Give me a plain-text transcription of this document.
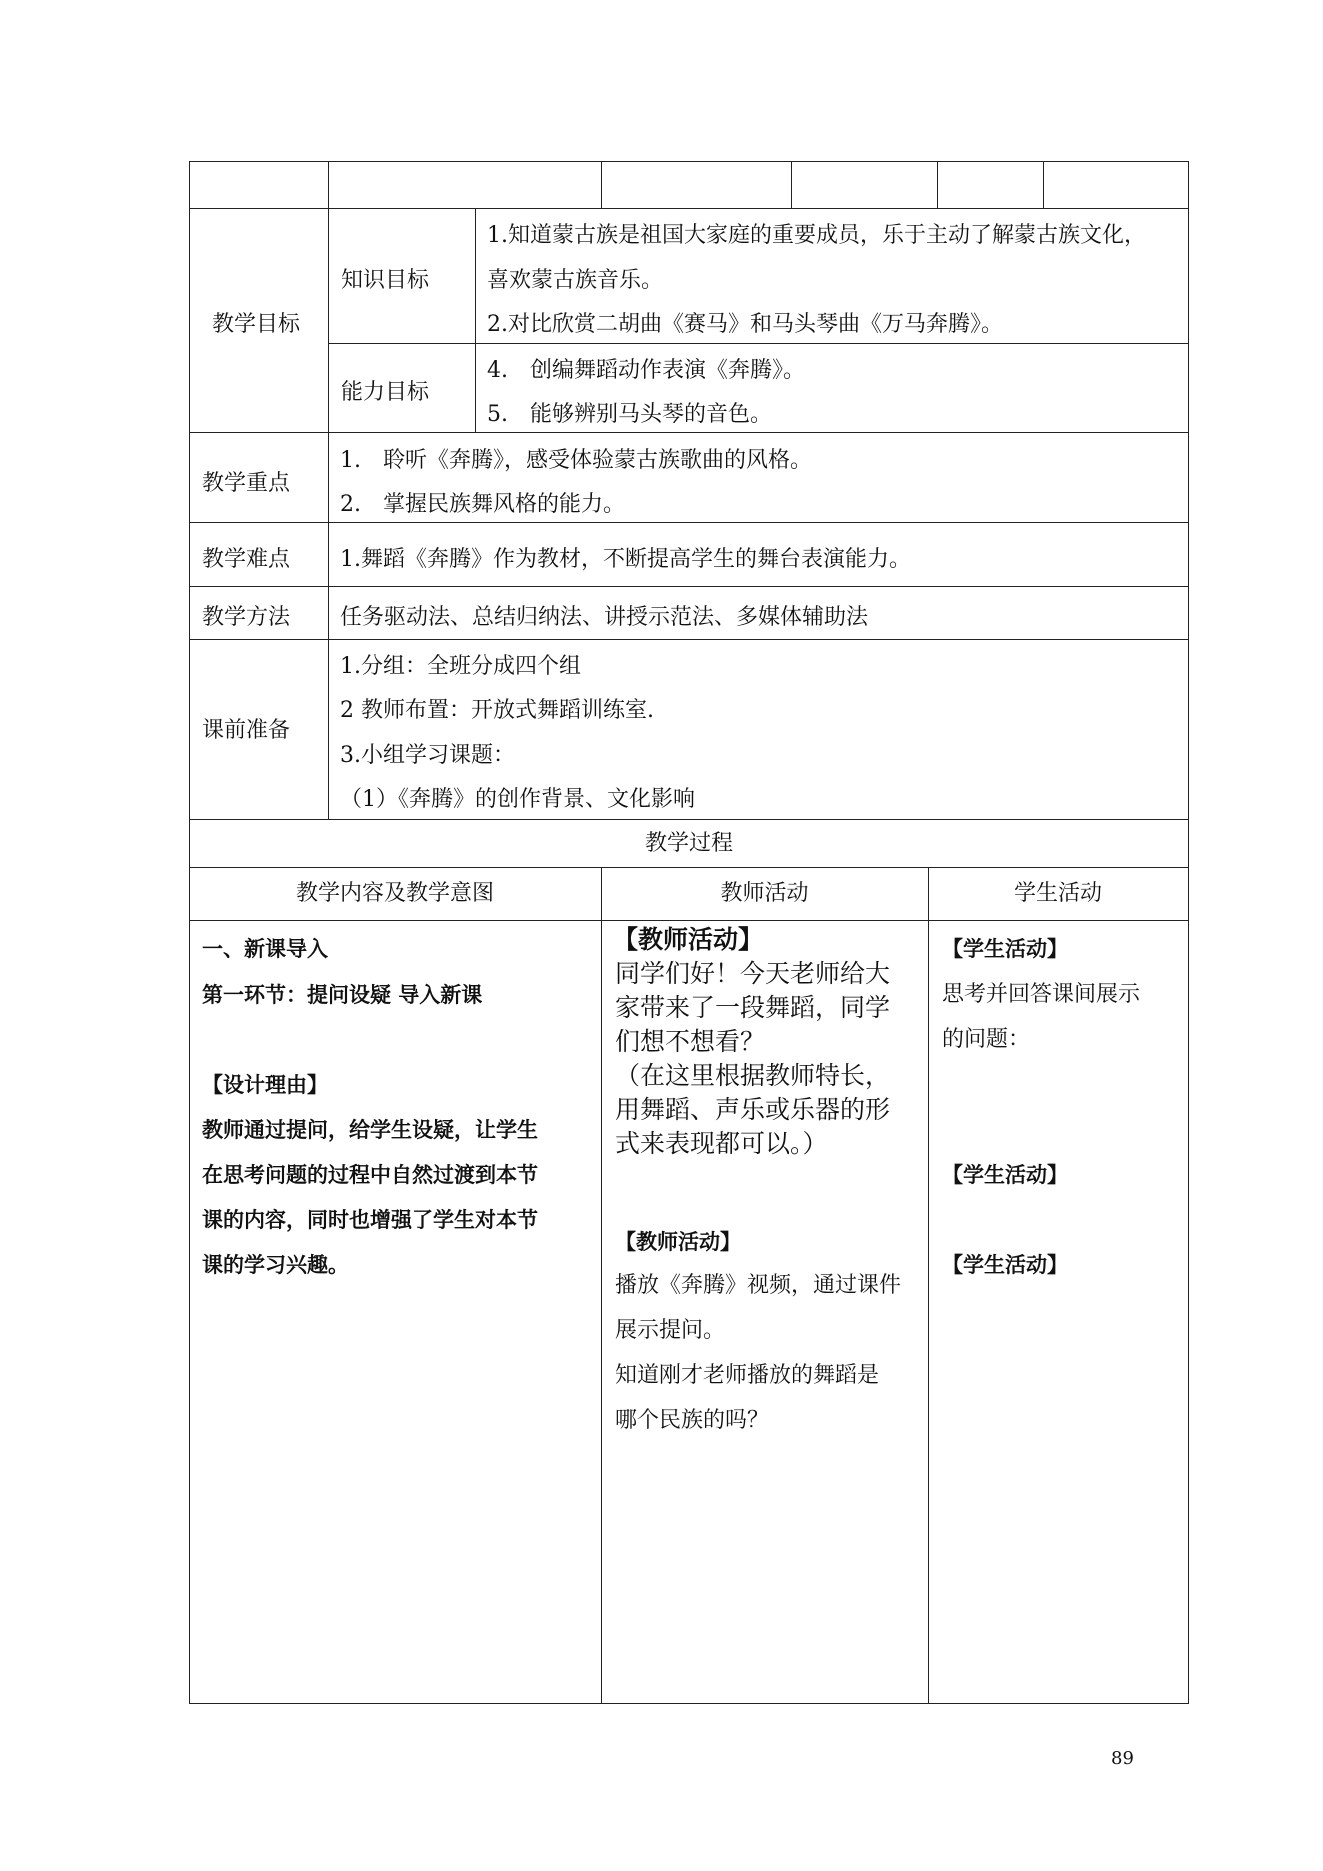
教学目标
知识目标
1.知道蒙古族是祖国大家庭的重要成员，乐于主动了解蒙古族文化，
喜欢蒙古族音乐。
2.对比欣赏二胡曲《赛马》和马头琴曲《万马奔腾》。
能力目标
4.　创编舞蹈动作表演《奔腾》。
5.　能够辨别马头琴的音色。
教学重点
1.　聆听《奔腾》，感受体验蒙古族歌曲的风格。
2.　掌握民族舞风格的能力。
教学难点 1.舞蹈《奔腾》作为教材，不断提高学生的舞台表演能力。
教学方法 任务驱动法、总结归纳法、讲授示范法、多媒体辅助法
课前准备
1.分组：全班分成四个组
2 教师布置：开放式舞蹈训练室.
3.小组学习课题：
（1）《奔腾》的创作背景、文化影响
教学过程
教学内容及教学意图	教师活动	学生活动
一、新课导入
第一环节：提问设疑 导入新课
【设计理由】
教师通过提问，给学生设疑，让学生
在思考问题的过程中自然过渡到本节
课的内容，同时也增强了学生对本节
课的学习兴趣。
【教师活动】
同学们好！今天老师给大
家带来了一段舞蹈，同学
们想不想看？
（在这里根据教师特长，
用舞蹈、声乐或乐器的形
式来表现都可以。）
【教师活动】
播放《奔腾》视频，通过课件
展示提问。
知道刚才老师播放的舞蹈是
哪个民族的吗？
【学生活动】
思考并回答课间展示
的问题：
【学生活动】
【学生活动】
89
